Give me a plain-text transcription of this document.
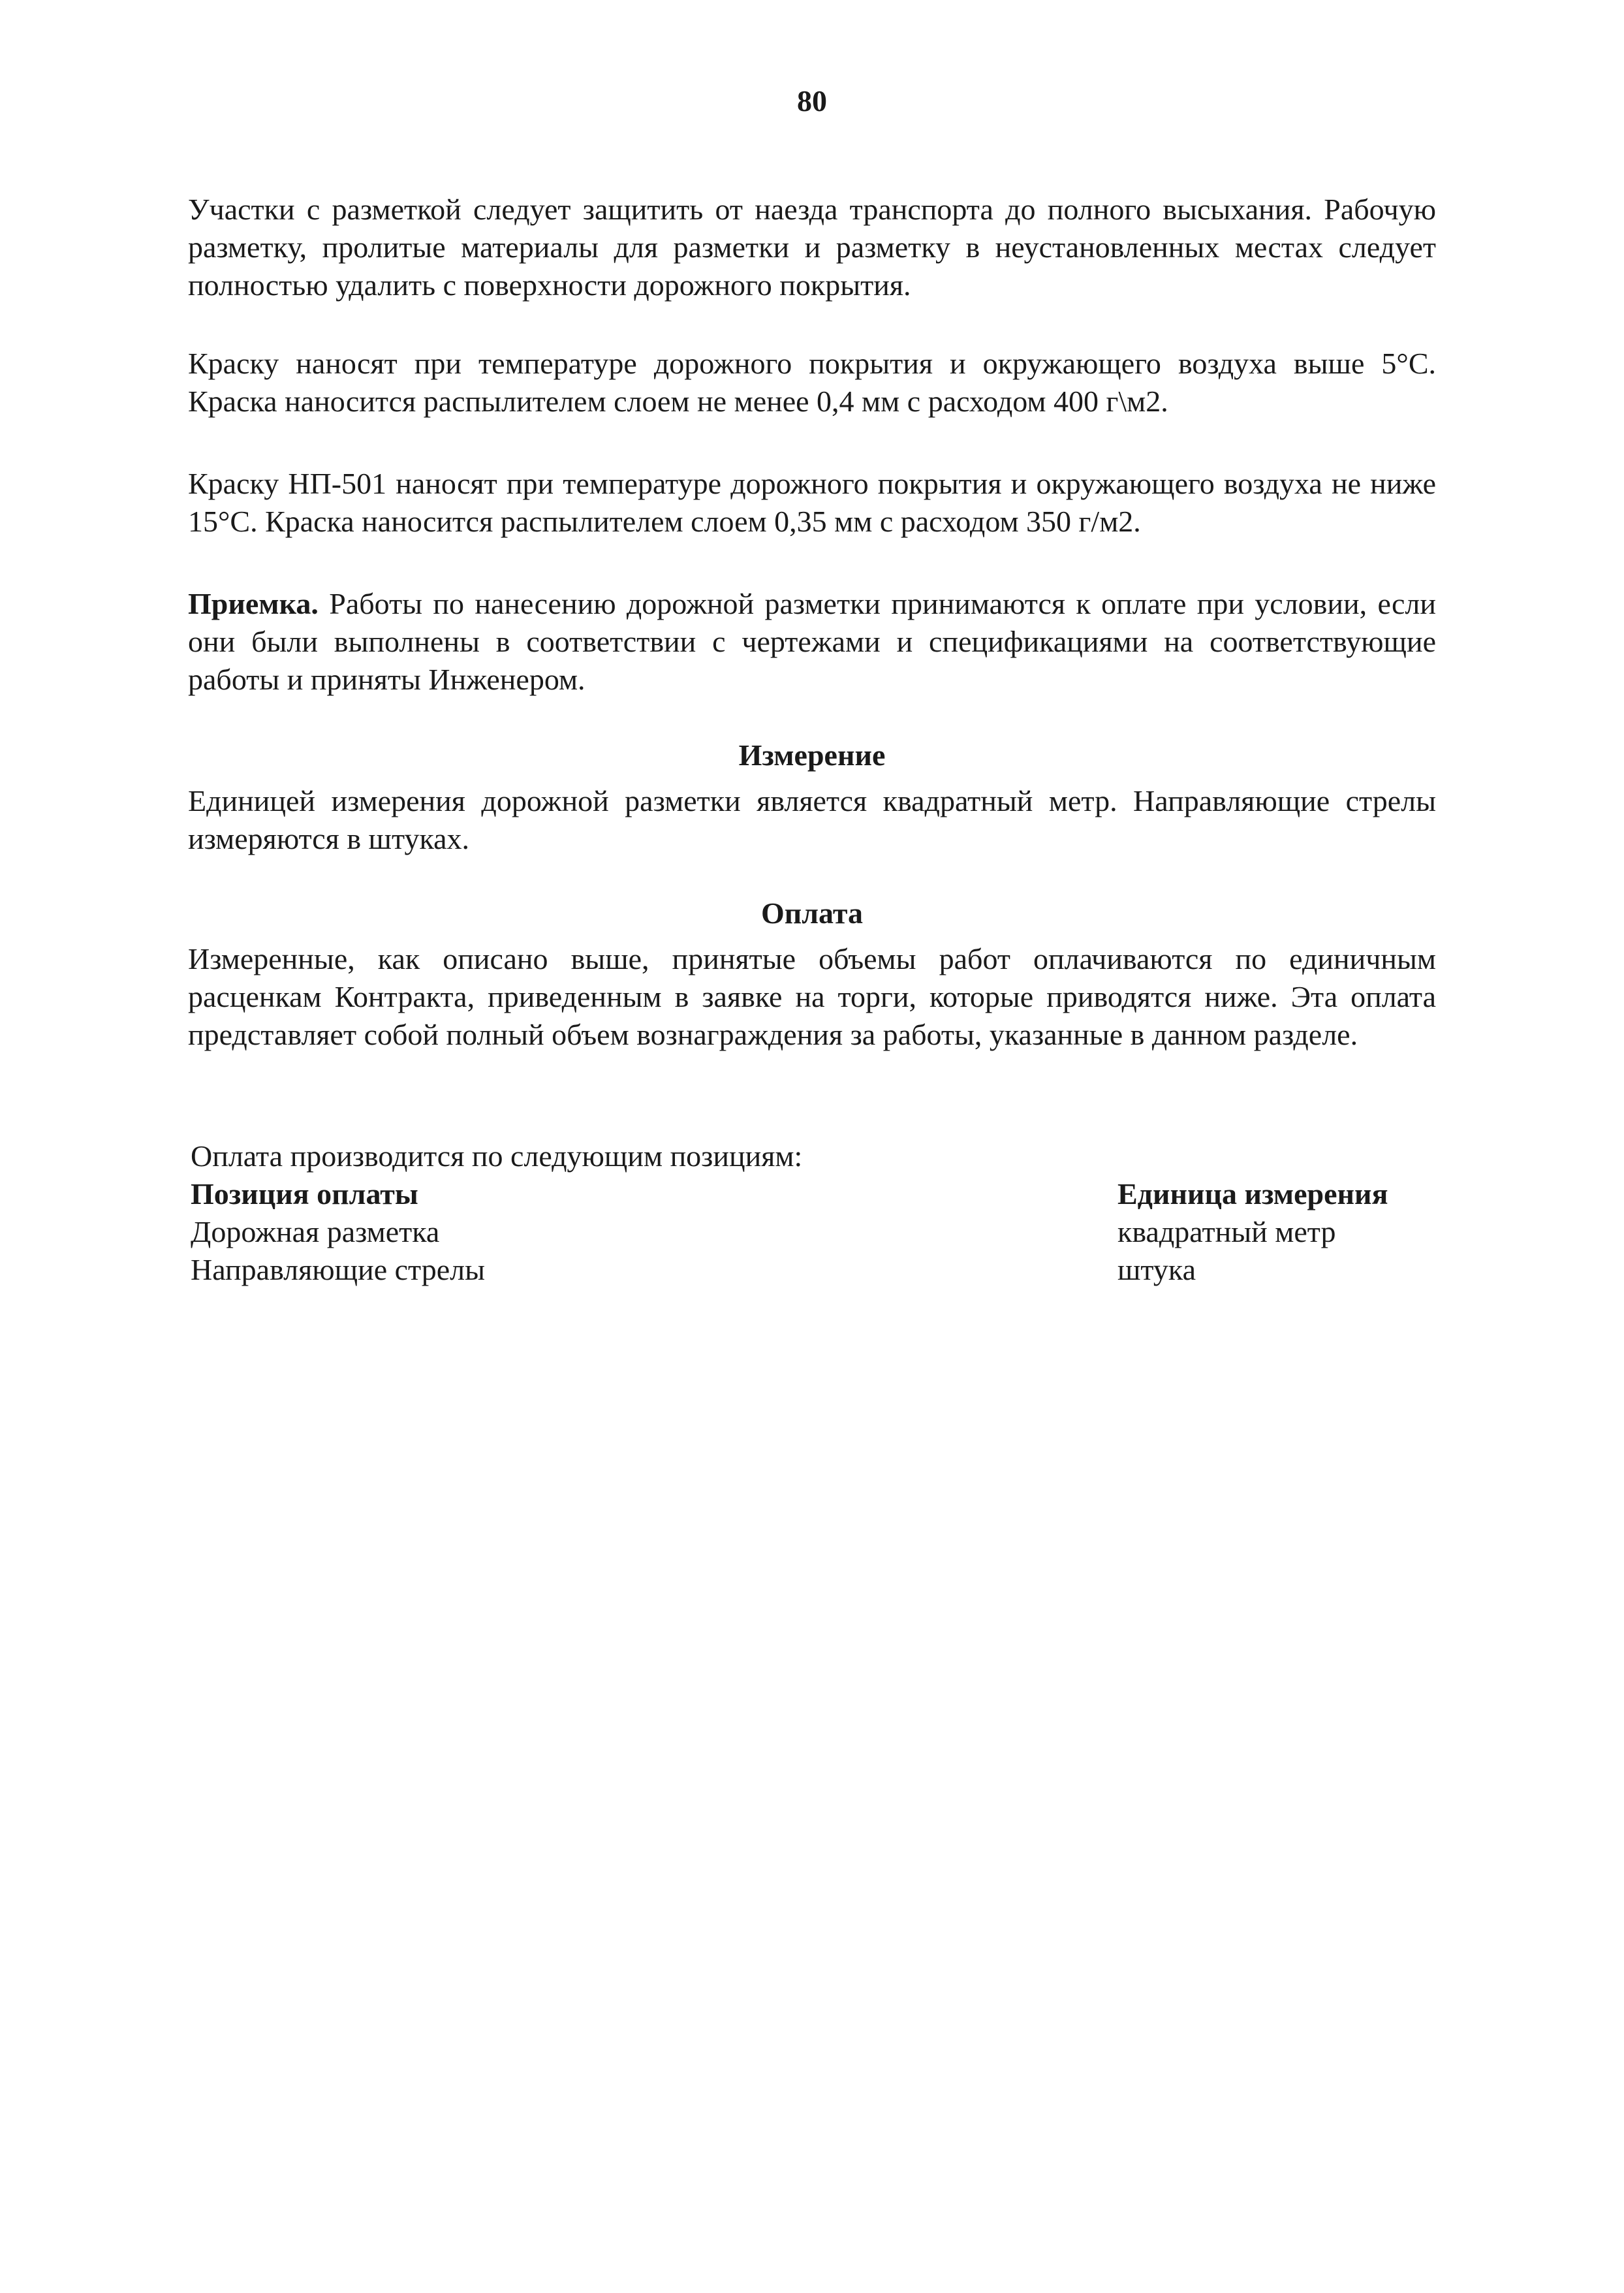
80

Участки с разметкой следует защитить от наезда транспорта до полного высыхания. Рабочую разметку, пролитые материалы для разметки и разметку в неустановленных местах следует полностью удалить с поверхности дорожного покрытия.

Краску наносят при температуре дорожного покрытия и окружающего воздуха выше 5°С. Краска наносится распылителем слоем не менее 0,4 мм с расходом 400 г\м2.

Краску НП-501 наносят при температуре дорожного покрытия и окружающего воздуха не ниже 15°С. Краска наносится распылителем слоем 0,35 мм с расходом 350 г/м2.

Приемка. Работы по нанесению дорожной разметки принимаются к оплате при условии, если они были выполнены в соответствии с чертежами и спецификациями на соответствующие работы и приняты Инженером.

Измерение

Единицей измерения дорожной разметки является квадратный метр. Направляющие стрелы измеряются в штуках.

Оплата

Измеренные, как описано выше, принятые объемы работ оплачиваются по единичным расценкам Контракта, приведенным в заявке на торги, которые приводятся ниже. Эта оплата представляет собой полный объем вознаграждения за работы, указанные в данном разделе.

Оплата производится по следующим позициям:
Позиция оплаты	Единица измерения
Дорожная разметка	квадратный метр
Направляющие стрелы	штука
